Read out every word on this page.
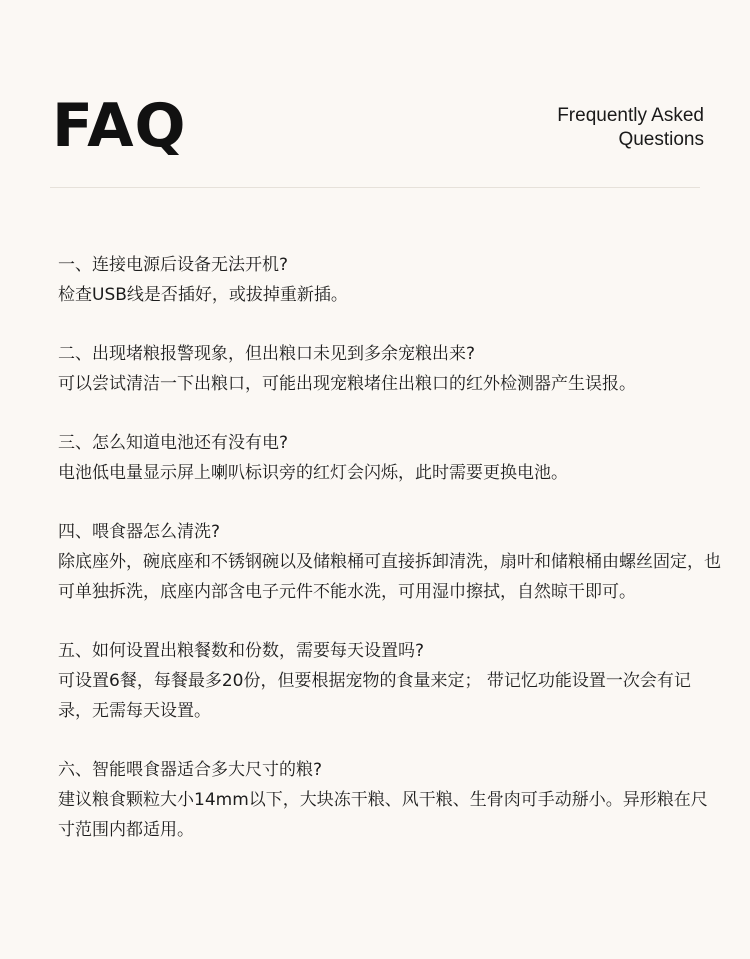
FAQ	Frequently Asked
Questions

一、连接电源后设备无法开机?

检查USB线是否插好，或拔掉重新插。

二、出现堵粮报警现象，但出粮口未见到多余宠粮出来?

可以尝试清洁一下出粮口，可能出现宠粮堵住出粮口的红外检测器产生误报。

三、怎么知道电池还有没有电?

电池低电量显示屏上喇叭标识旁的红灯会闪烁，此时需要更换电池。

四、喂食器怎么清洗?

除底座外，碗底座和不锈钢碗以及储粮桶可直接拆卸清洗，扇叶和储粮桶由螺丝固定，也可单独拆洗，底座内部含电子元件不能水洗，可用湿巾擦拭，自然晾干即可。

五、如何设置出粮餐数和份数，需要每天设置吗?

可设置6餐，每餐最多20份，但要根据宠物的食量来定； 带记忆功能设置一次会有记录，无需每天设置。

六、智能喂食器适合多大尺寸的粮?

建议粮食颗粒大小14mm以下，大块冻干粮、风干粮、生骨肉可手动掰小。异形粮在尺寸范围内都适用。
